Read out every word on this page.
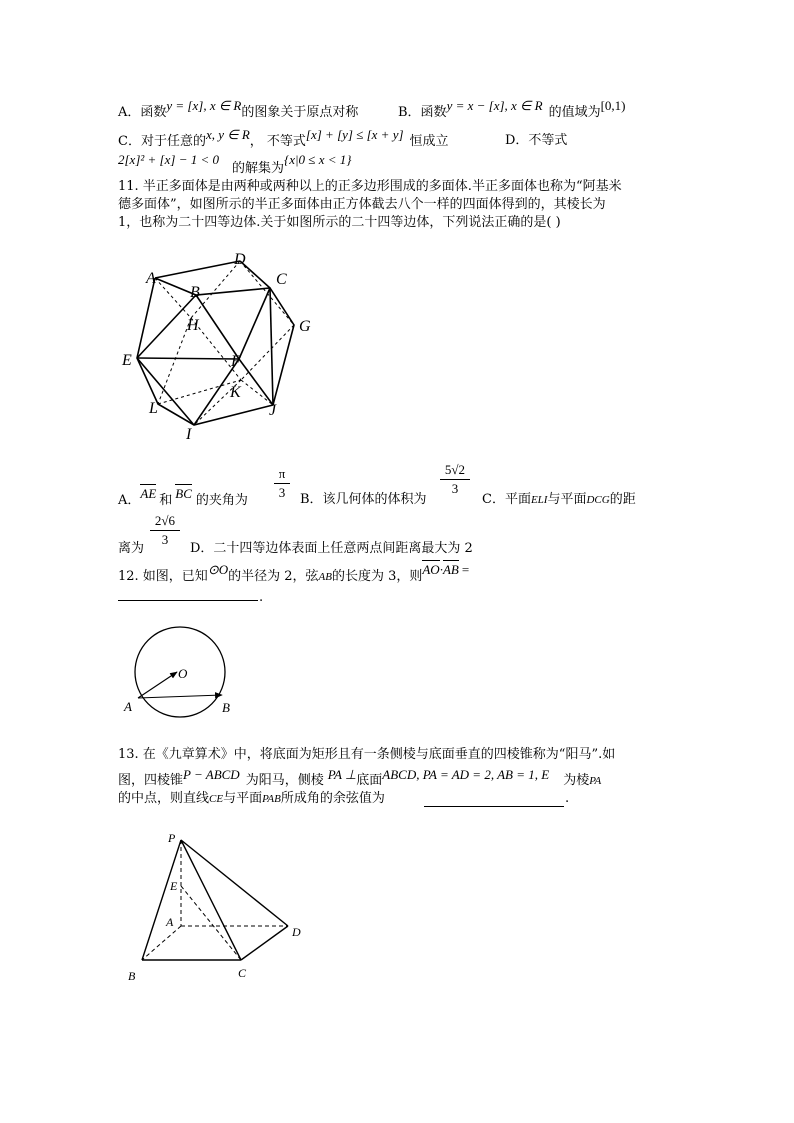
A．函数y = [x], x ∈ R的图象关于原点对称	B．函数y = x − [x], x ∈ R 的值域为[0,1)
C．对于任意的x, y ∈ R， 不等式[x] + [y] ≤ [x + y] 恒成立	D．不等式
2[x]² + [x] − 1 < 0
的解集为{x|0 ≤ x < 1}
11. 半正多面体是由两种或两种以上的正多边形围成的多面体.半正多面体也称为“阿基米
德多面体”，如图所示的半正多面体由正方体截去八个一样的四面体得到的，其棱长为
1，也称为二十四等边体.关于如图所示的二十四等边体，下列说法正确的是( )
A
B
C
D
E	F
G
H
I
J
K
L
A．AE 和 BC 的夹角为
π
3	B．该几何体的体积为
5√2
3
C．平面ELI与平面DCG的距
离为
2√6
3
D．二十四等边体表面上任意两点间距离最大为 2
12. 如图，已知⊙O的半径为 2，弦AB的长度为 3，则AO·AB =
.
O
A	B
13. 在《九章算术》中，将底面为矩形且有一条侧棱与底面垂直的四棱锥称为“阳马”.如
图，四棱锥P − ABCD 为阳马，侧棱 PA ⊥底面ABCD, PA = AD = 2, AB = 1, E 为棱PA
的中点，则直线CE与平面PAB所成角的余弦值为	.
P
E
A
D
B	C
